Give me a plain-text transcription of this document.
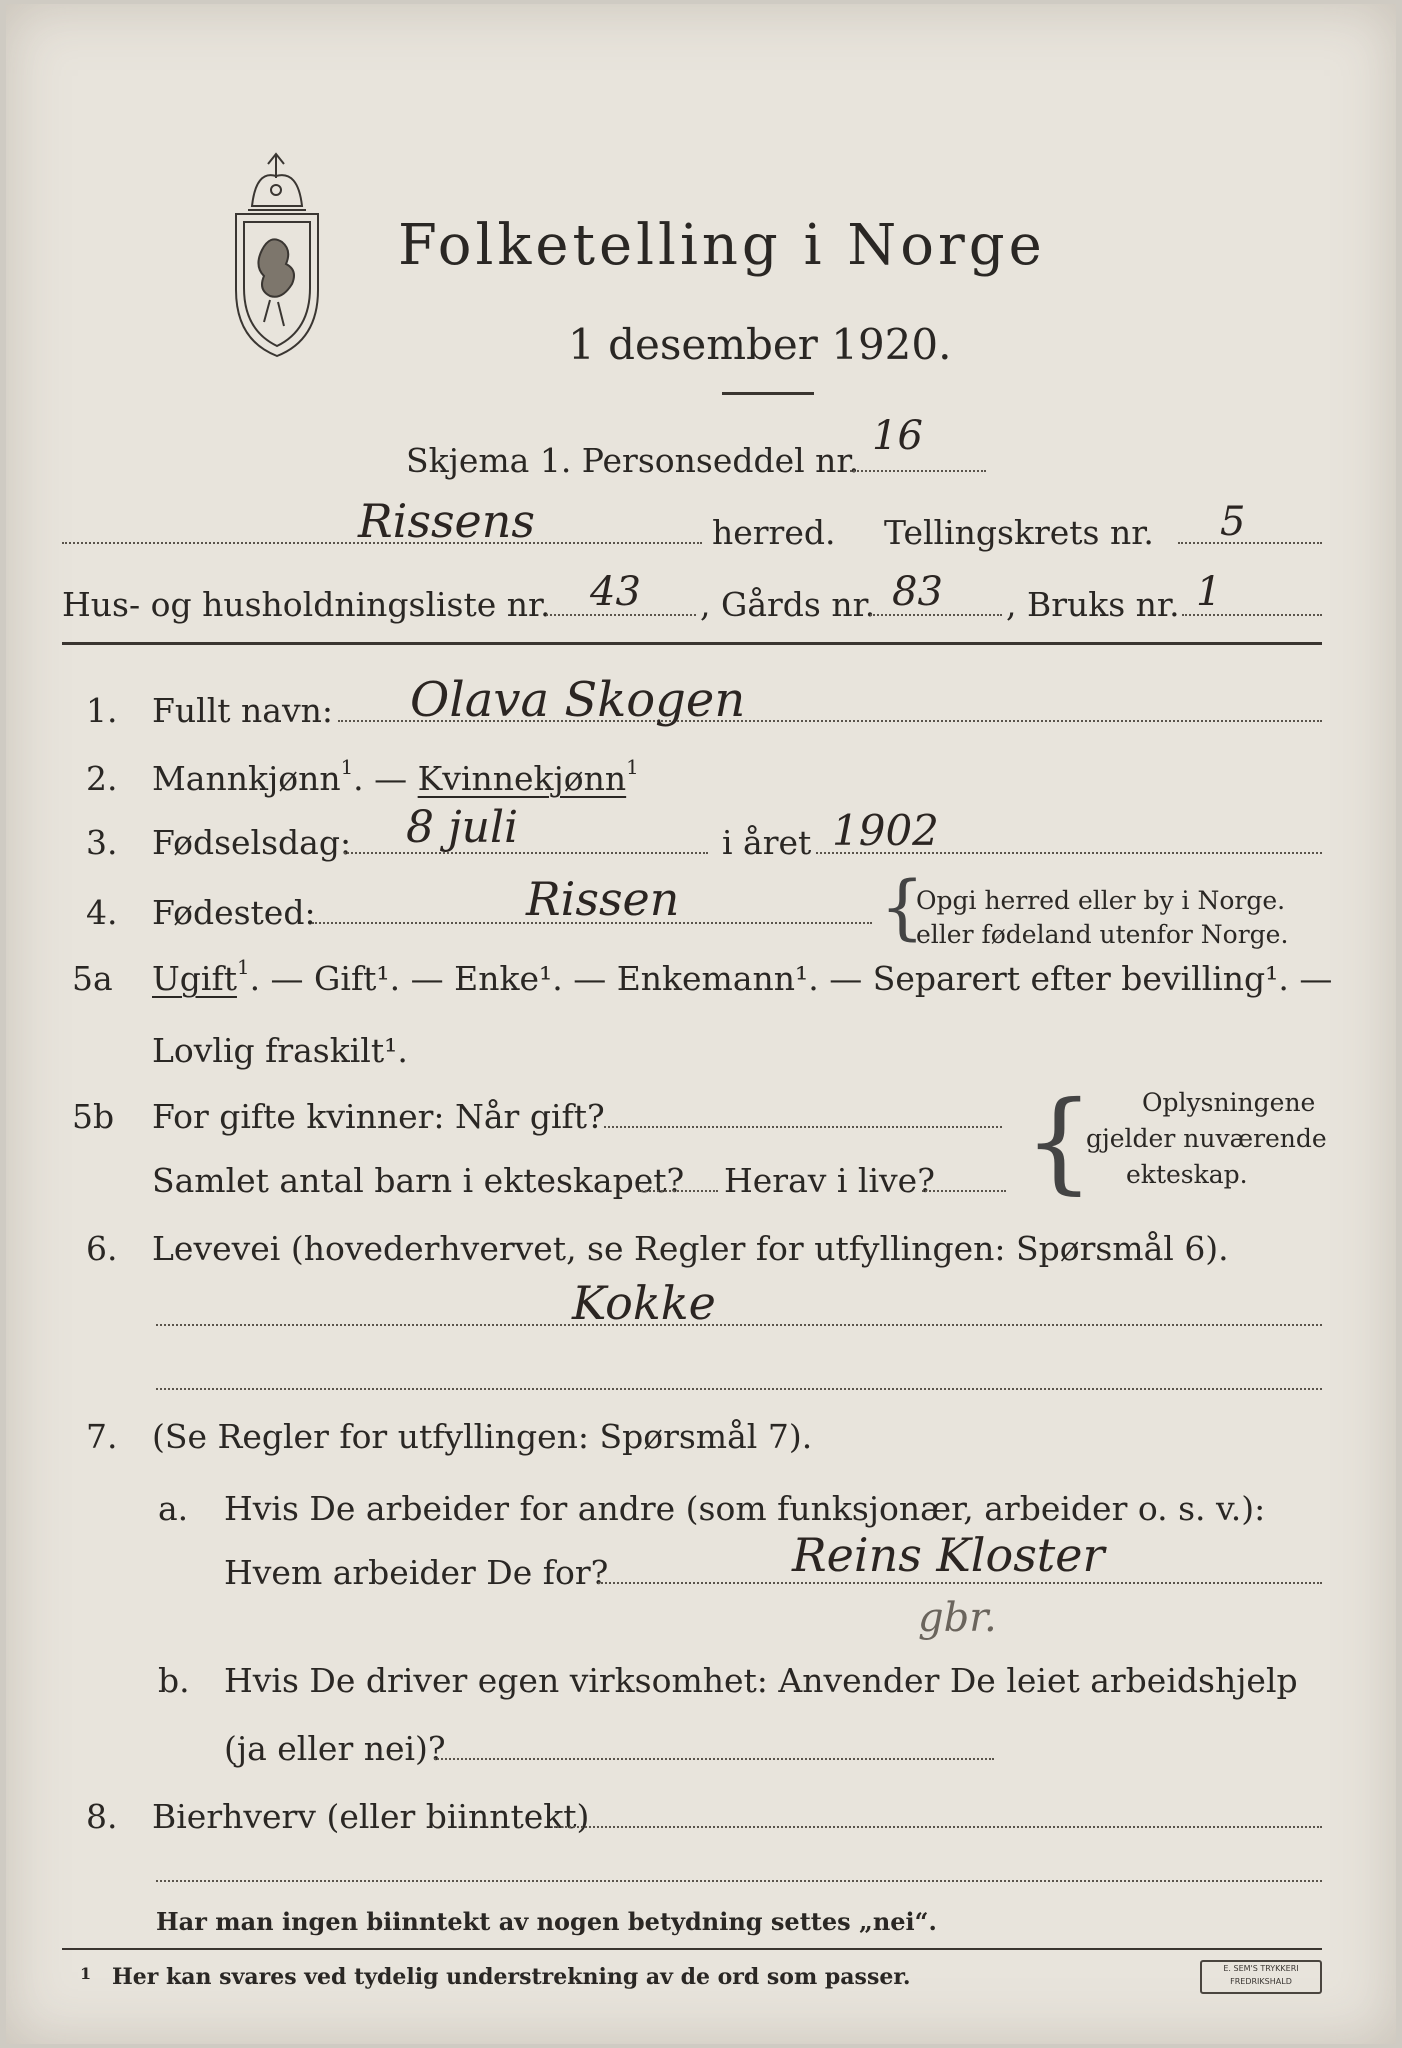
Folketelling i Norge
1 desember 1920.
Skjema 1. Personseddel nr.
16
Rissens	herred. Tellingskrets nr. 5
Hus- og husholdningsliste nr. 43 , Gårds nr. 83 , Bruks nr. 1
1. Fullt navn: Olava Skogen
2. Mannkjønn$^1$. — Kvinnekjønn$^1$
3. Fødselsdag: 8 juli	i året 1902
4. Fødested:	Rissen	{
Opgi herred eller by i Norge.
eller fødeland utenfor Norge.
5a Ugift$^1$. — Gift¹. — Enke¹. — Enkemann¹. — Separert efter bevilling¹. —
Lovlig fraskilt¹.
5b For gifte kvinner: Når gift?
Samlet antal barn i ekteskapet? Herav i live? { Oplysningene
gjelder nuværende
ekteskap.
6. Levevei (hovederhvervet, se Regler for utfyllingen: Spørsmål 6).
Kokke
7. (Se Regler for utfyllingen: Spørsmål 7).
a. Hvis De arbeider for andre (som funksjonær, arbeider o. s. v.):
Hvem arbeider De for?	Reins Kloster
gbr.
b. Hvis De driver egen virksomhet: Anvender De leiet arbeidshjelp
(ja eller nei)?
8. Bierhverv (eller biinntekt)
Har man ingen biinntekt av nogen betydning settes „nei“.
1 Her kan svares ved tydelig understrekning av de ord som passer.	E. SEM'S TRYKKERI
FREDRIKSHALD
